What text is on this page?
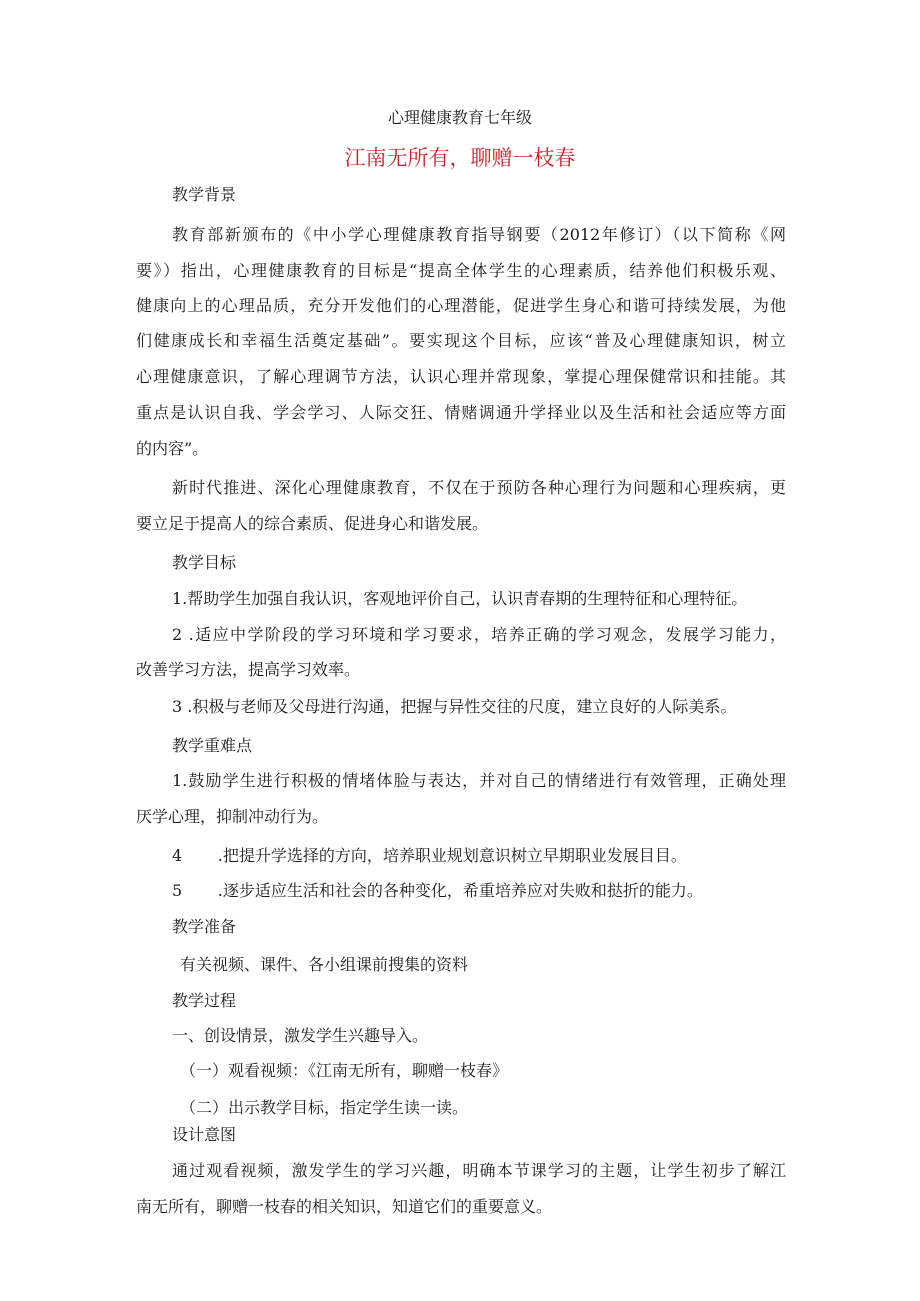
心理健康教育七年级
江南无所有，聊赠一枝春
教学背景
教育部新颁布的《中小学心理健康教育指导钢要（2012年修订）（以下简称《网
要》）指出，心理健康教育的目标是“提高全体学生的心理素质，结养他们积极乐观、
健康向上的心理品质，充分开发他们的心理潜能，促进学生身心和谐可持续发展，为他
们健康成长和幸福生活奠定基础”。要实现这个目标，应该“普及心理健康知识，树立
心理健康意识，了解心理调节方法，认识心理并常现象，掌提心理保健常识和挂能。其
重点是认识自我、学会学习、人际交狂、情赌调通升学择业以及生活和社会适应等方面
的内容”。
新时代推进、深化心理健康教育，不仅在于预防各种心理行为问题和心理疾病，更
要立足于提高人的综合素质、促进身心和谐发展。
教学目标
1.帮助学生加强自我认识，客观地评价自己，认识青春期的生理特征和心理特征。
2 .适应中学阶段的学习环境和学习要求，培养正确的学习观念，发展学习能力，
改善学习方法，提高学习效率。
3 .积极与老师及父母进行沟通，把握与异性交往的尺度，建立良好的人际美系。
教学重难点
1.鼓励学生进行积极的情堵体脸与表达，并对自己的情绪进行有效管理，正确处理
厌学心理，抑制冲动行为。
4       .把提升学选择的方向，培养职业规划意识树立早期职业发展目目。
5       .逐步适应生活和社会的各种变化，希重培养应对失败和挞折的能力。
教学准备
有关视频、课件、各小组课前搜集的资料
教学过程
一、创设情景，激发学生兴趣导入。
（一）观看视频：《江南无所有，聊赠一枝春》
（二）出示教学目标，指定学生读一读。
设计意图
通过观看视频，激发学生的学习兴趣，明确本节课学习的主题，让学生初步了解江
南无所有，聊赠一枝春的相关知识，知道它们的重要意义。
